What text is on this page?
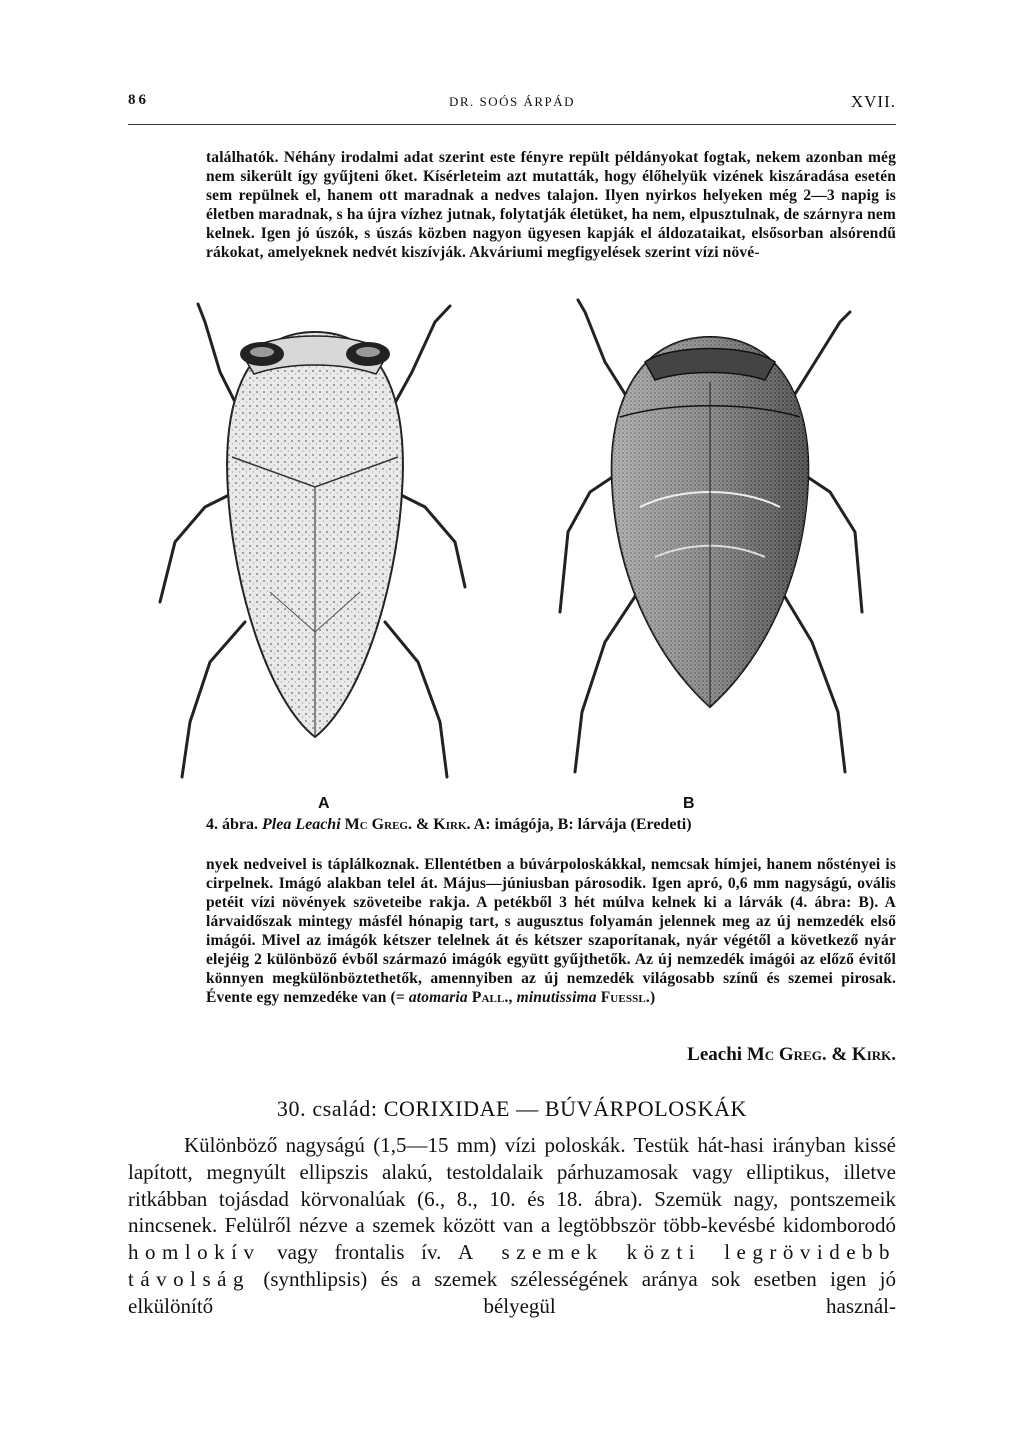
86	DR. SOÓS ÁRPÁD	XVII.
találhatók. Néhány irodalmi adat szerint este fényre repült példányokat fogtak, nekem azonban még nem sikerült így gyűjteni őket. Kísérleteim azt mutatták, hogy élőhelyük vizének kiszáradása esetén sem repülnek el, hanem ott maradnak a nedves talajon. Ilyen nyirkos helyeken még 2—3 napig is életben maradnak, s ha újra vízhez jutnak, folytatják életüket, ha nem, elpusztulnak, de szárnyra nem kelnek. Igen jó úszók, s úszás közben nagyon ügyesen kapják el áldozataikat, elsősorban alsórendű rákokat, amelyeknek nedvét kiszívják. Akváriumi megfigyelések szerint vízi növé-
A	B
4. ábra. Plea Leachi Mc Greg. & Kirk. A: imágója, B: lárvája (Eredeti)
nyek nedveivel is táplálkoznak. Ellentétben a búvárpoloskákkal, nemcsak hímjei, hanem nőstényei is cirpelnek. Imágó alakban telel át. Május—júniusban párosodik. Igen apró, 0,6 mm nagyságú, ovális petéit vízi növények szöveteibe rakja. A petékből 3 hét múlva kelnek ki a lárvák (4. ábra: B). A lárvaidőszak mintegy másfél hónapig tart, s augusztus folyamán jelennek meg az új nemzedék első imágói. Mivel az imágók kétszer telelnek át és kétszer szaporítanak, nyár végétől a következő nyár elejéig 2 különböző évből származó imágók együtt gyűjthetők. Az új nemzedék imágói az előző évitől könnyen megkülönböztethetők, amennyiben az új nemzedék világosabb színű és szemei pirosak. Évente egy nemzedéke van (= atomaria Pall., minutissima Fuessl.)
Leachi Mc Greg. & Kirk.
30. család: CORIXIDAE — BÚVÁRPOLOSKÁK
Különböző nagyságú (1,5—15 mm) vízi poloskák. Testük hát-hasi irányban kissé lapított, megnyúlt ellipszis alakú, testoldalaik párhuzamosak vagy elliptikus, illetve ritkábban tojásdad körvonalúak (6., 8., 10. és 18. ábra). Szemük nagy, pontszemeik nincsenek. Felülről nézve a szemek között van a legtöbbször több-kevésbé kidomborodó homlokív vagy frontalis ív. A szemek közti legrövidebb távolság (synthlipsis) és a szemek szélességének aránya sok esetben igen jó elkülönítő bélyegül használ-
